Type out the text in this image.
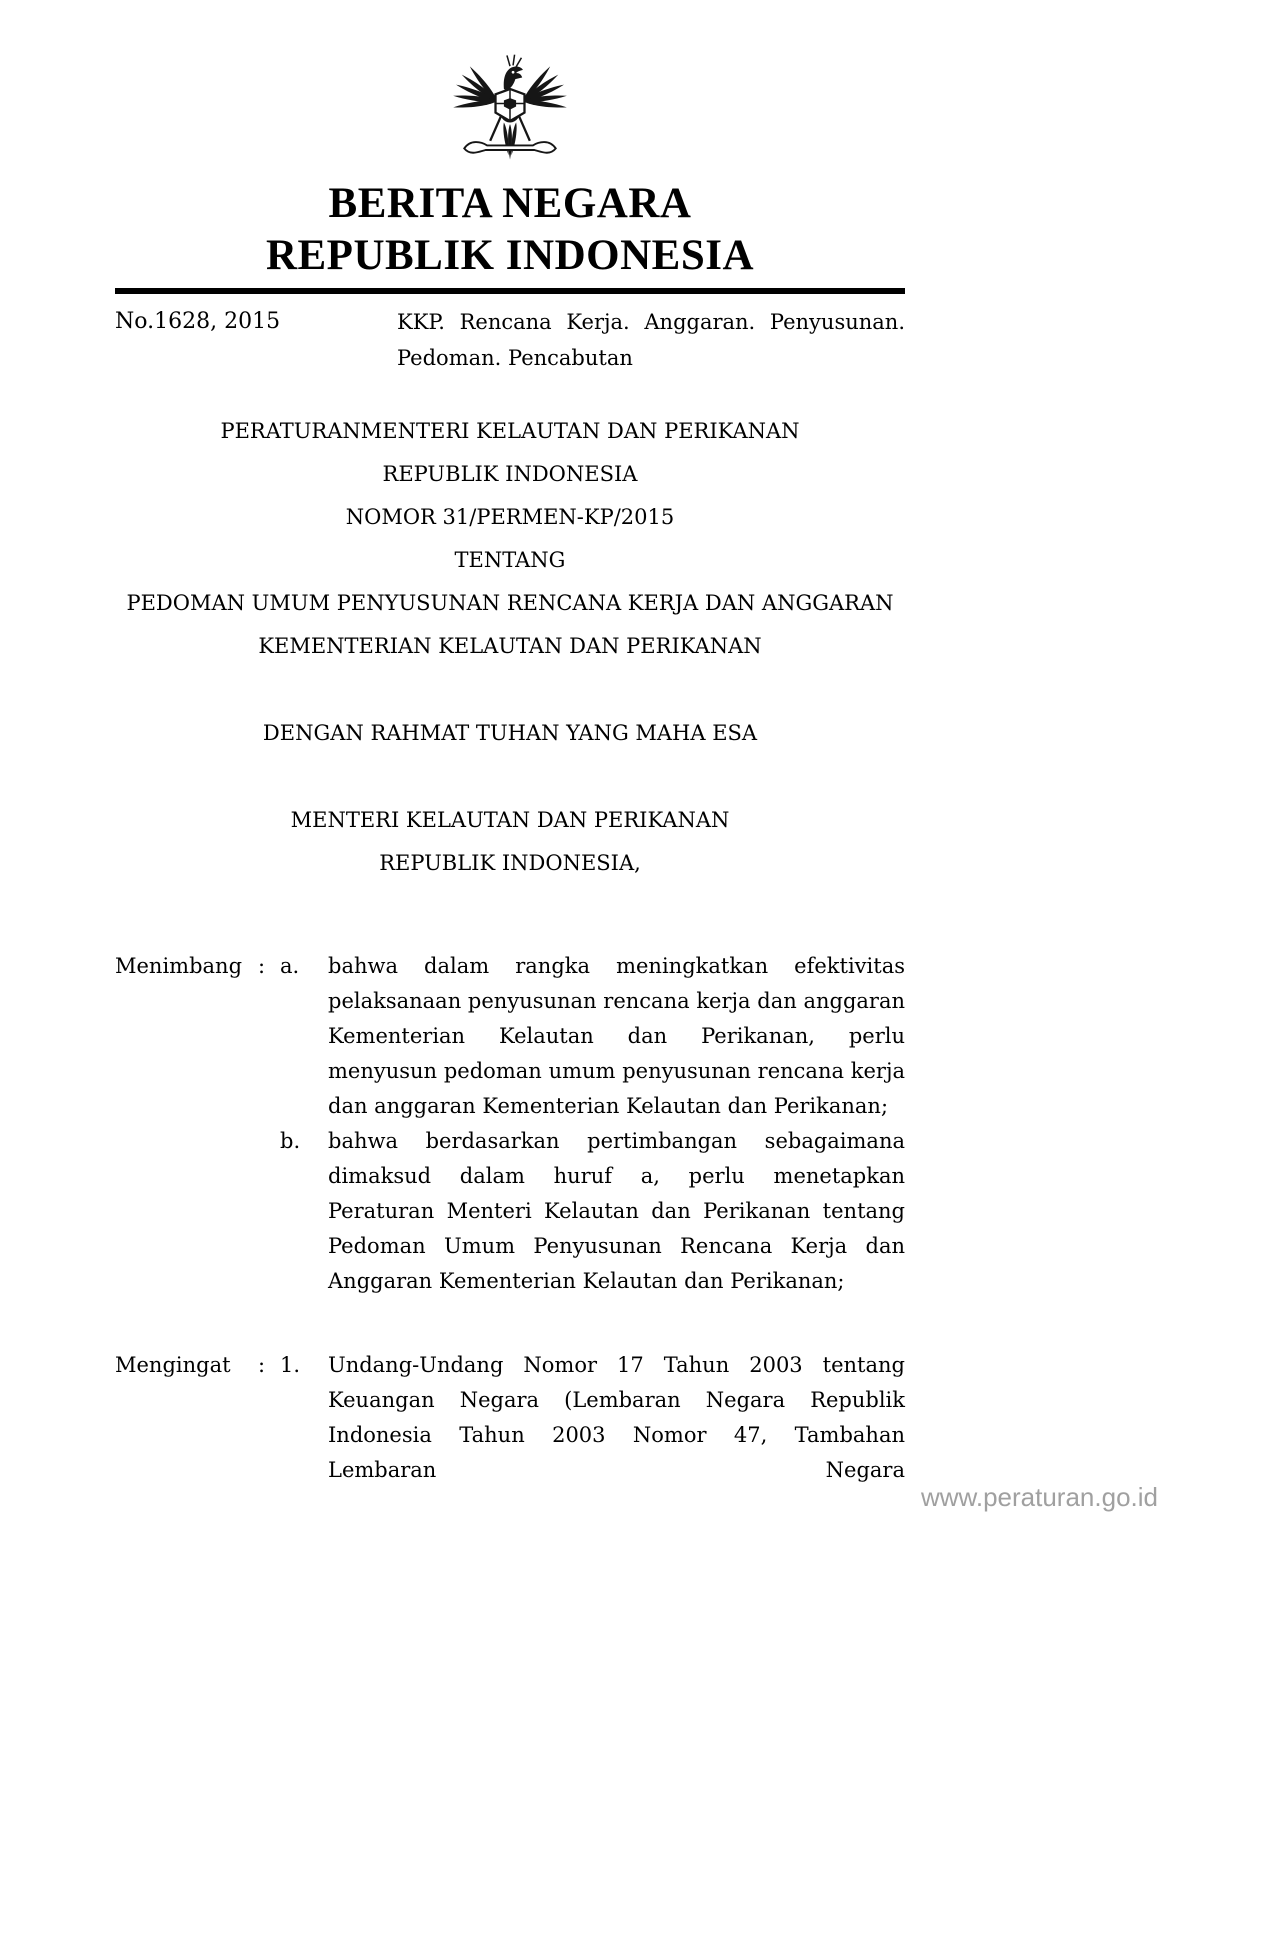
BERITA NEGARA
REPUBLIK INDONESIA
No.1628, 2015	KKP. Rencana Kerja. Anggaran. Penyusunan. Pedoman. Pencabutan

PERATURANMENTERI KELAUTAN DAN PERIKANAN

REPUBLIK INDONESIA

NOMOR 31/PERMEN-KP/2015

TENTANG

PEDOMAN UMUM PENYUSUNAN RENCANA KERJA DAN ANGGARAN

KEMENTERIAN KELAUTAN DAN PERIKANAN

DENGAN RAHMAT TUHAN YANG MAHA ESA

MENTERI KELAUTAN DAN PERIKANAN

REPUBLIK INDONESIA,

Menimbang : a.	bahwa dalam rangka meningkatkan efektivitas pelaksanaan penyusunan rencana kerja dan anggaran Kementerian Kelautan dan Perikanan, perlu menyusun pedoman umum penyusunan rencana kerja dan anggaran Kementerian Kelautan dan Perikanan;
b.	bahwa berdasarkan pertimbangan sebagaimana dimaksud dalam huruf a, perlu menetapkan Peraturan Menteri Kelautan dan Perikanan tentang Pedoman Umum Penyusunan Rencana Kerja dan Anggaran Kementerian Kelautan dan Perikanan;
Mengingat	: 1.	Undang-Undang Nomor 17 Tahun 2003 tentang Keuangan Negara (Lembaran Negara Republik Indonesia Tahun 2003 Nomor 47, Tambahan Lembaran Negara
www.peraturan.go.id
